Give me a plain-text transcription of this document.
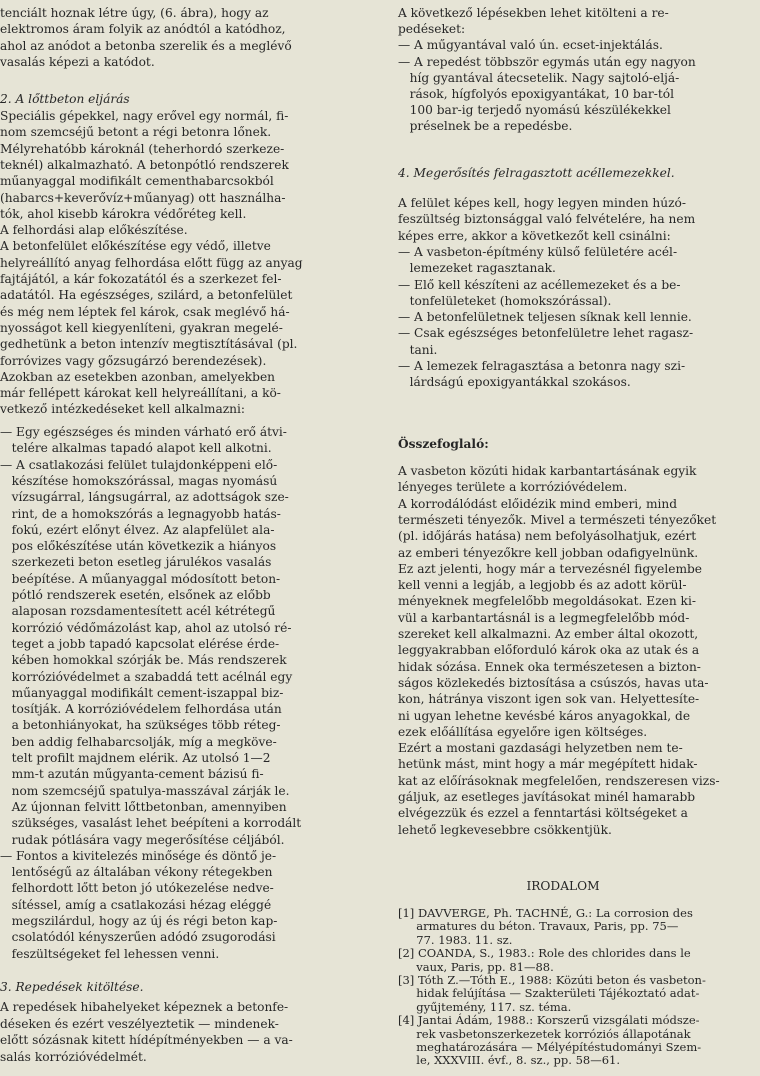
tenciált hoznak létre úgy, (6. ábra), hogy az
elektromos áram folyik az anódtól a katódhoz,
ahol az anódot a betonba szerelik és a meglévő
vasalás képezi a katódot.
2. A lőttbeton eljárás
Speciális gépekkel, nagy erővel egy normál, fi-
nom szemcséjű betont a régi betonra lőnek.
Mélyrehatóbb károknál (teherhordó szerkeze-
teknél) alkalmazható. A betonpótló rendszerek
műanyaggal modifikált cementhabarcsokból
(habarcs+keverővíz+műanyag) ott használha-
tók, ahol kisebb károkra védőréteg kell.
A felhordási alap előkészítése.
A betonfelület előkészítése egy védő, illetve
helyreállító anyag felhordása előtt függ az anyag
fajtájától, a kár fokozatától és a szerkezet fel-
adatától. Ha egészséges, szilárd, a betonfelület
és még nem léptek fel károk, csak meglévő há-
nyosságot kell kiegyenlíteni, gyakran megelé-
gedhetünk a beton intenzív megtisztításával (pl.
forróvizes vagy gőzsugárzó berendezések).
Azokban az esetekben azonban, amelyekben
már fellépett károkat kell helyreállítani, a kö-
vetkező intézkedéseket kell alkalmazni:
— Egy egészséges és minden várható erő átvi-
telére alkalmas tapadó alapot kell alkotni.
— A csatlakozási felület tulajdonképpeni elő-
készítése homokszórással, magas nyomású
vízsugárral, lángsugárral, az adottságok sze-
rint, de a homokszórás a legnagyobb hatás-
fokú, ezért előnyt élvez. Az alapfelület ala-
pos előkészítése után következik a hiányos
szerkezeti beton esetleg járulékos vasalás
beépítése. A műanyaggal módosított beton-
pótló rendszerek esetén, elsőnek az előbb
alaposan rozsdamentesített acél kétrétegű
korrózió védőmázolást kap, ahol az utolsó ré-
teget a jobb tapadó kapcsolat elérése érde-
kében homokkal szórják be. Más rendszerek
korrózióvédelmet a szabaddá tett acélnál egy
műanyaggal modifikált cement-iszappal biz-
tosítják. A korrózióvédelem felhordása után
a betonhiányokat, ha szükséges több réteg-
ben addig felhabarcsolják, míg a megköve-
telt profilt majdnem elérik. Az utolsó 1—2
mm-t azután műgyanta-cement bázisú fi-
nom szemcséjű spatulya-masszával zárják le.
Az újonnan felvitt lőttbetonban, amennyiben
szükséges, vasalást lehet beépíteni a korrodált
rudak pótlására vagy megerősítése céljából.
— Fontos a kivitelezés minősége és döntő je-
lentőségű az általában vékony rétegekben
felhordott lőtt beton jó utókezelése nedve-
sítéssel, amíg a csatlakozási hézag eléggé
megszilárdul, hogy az új és régi beton kap-
csolatódól kényszerűen adódó zsugorodási
feszültségeket fel lehessen venni.
3. Repedések kitöltése.
A repedések hibahelyeket képeznek a betonfe-
déseken és ezért veszélyeztetik — mindenek-
előtt sózásnak kitett hídépítményekben — a va-
salás korrózióvédelmét.
A következő lépésekben lehet kitölteni a re-
pedéseket:
— A műgyantával való ún. ecset-injektálás.
— A repedést többször egymás után egy nagyon
híg gyantával átecsetelik. Nagy sajtoló-eljá-
rások, hígfolyós epoxigyantákat, 10 bar-tól
100 bar-ig terjedő nyomású készülékekkel
préselnek be a repedésbe.
4. Megerősítés felragasztott acéllemezekkel.
A felület képes kell, hogy legyen minden húzó-
feszültség biztonsággal való felvételére, ha nem
képes erre, akkor a következőt kell csinálni:
— A vasbeton-építmény külső felületére acél-
lemezeket ragasztanak.
— Elő kell készíteni az acéllemezeket és a be-
tonfelületeket (homokszórással).
— A betonfelületnek teljesen síknak kell lennie.
— Csak egészséges betonfelületre lehet ragasz-
tani.
— A lemezek felragasztása a betonra nagy szi-
lárdságú epoxigyantákkal szokásos.
Összefoglaló:
A vasbeton közúti hidak karbantartásának egyik
lényeges területe a korrózióvédelem.
A korrodálódást előidézik mind emberi, mind
természeti tényezők. Mivel a természeti tényezőket
(pl. időjárás hatása) nem befolyásolhatjuk, ezért
az emberi tényezőkre kell jobban odafigyelnünk.
Ez azt jelenti, hogy már a tervezésnél figyelembe
kell venni a legjáb, a legjobb és az adott körül-
ményeknek megfelelőbb megoldásokat. Ezen ki-
vül a karbantartásnál is a legmegfelelőbb mód-
szereket kell alkalmazni. Az ember által okozott,
leggyakrabban előforduló károk oka az utak és a
hidak sózása. Ennek oka természetesen a bizton-
ságos közlekedés biztosítása a csúszós, havas uta-
kon, hátránya viszont igen sok van. Helyettesíte-
ni ugyan lehetne kevésbé káros anyagokkal, de
ezek előállítása egyelőre igen költséges.
Ezért a mostani gazdasági helyzetben nem te-
hetünk mást, mint hogy a már megépített hidak-
kat az előírásoknak megfelelően, rendszeresen vizs-
gáljuk, az esetleges javításokat minél hamarabb
elvégezzük és ezzel a fenntartási költségeket a
lehető legkevesebbre csökkentjük.
IRODALOM
[1] DAVVERGE, Ph. TACHNÉ, G.: La corrosion des
armatures du béton. Travaux, Paris, pp. 75—
77. 1983. 11. sz.
[2] COANDA, S., 1983.: Role des chlorides dans le
vaux, Paris, pp. 81—88.
[3] Tóth Z.—Tóth E., 1988: Közúti beton és vasbeton-
hidak felújítása — Szakterületi Tájékoztató adat-
gyűjtemény, 117. sz. téma.
[4] Jantai Ádám, 1988.: Korszerű vizsgálati módsze-
rek vasbetonszerkezetek korróziós állapotának
meghatározására — Mélyépítéstudományi Szem-
le, XXXVIII. évf., 8. sz., pp. 58—61.
